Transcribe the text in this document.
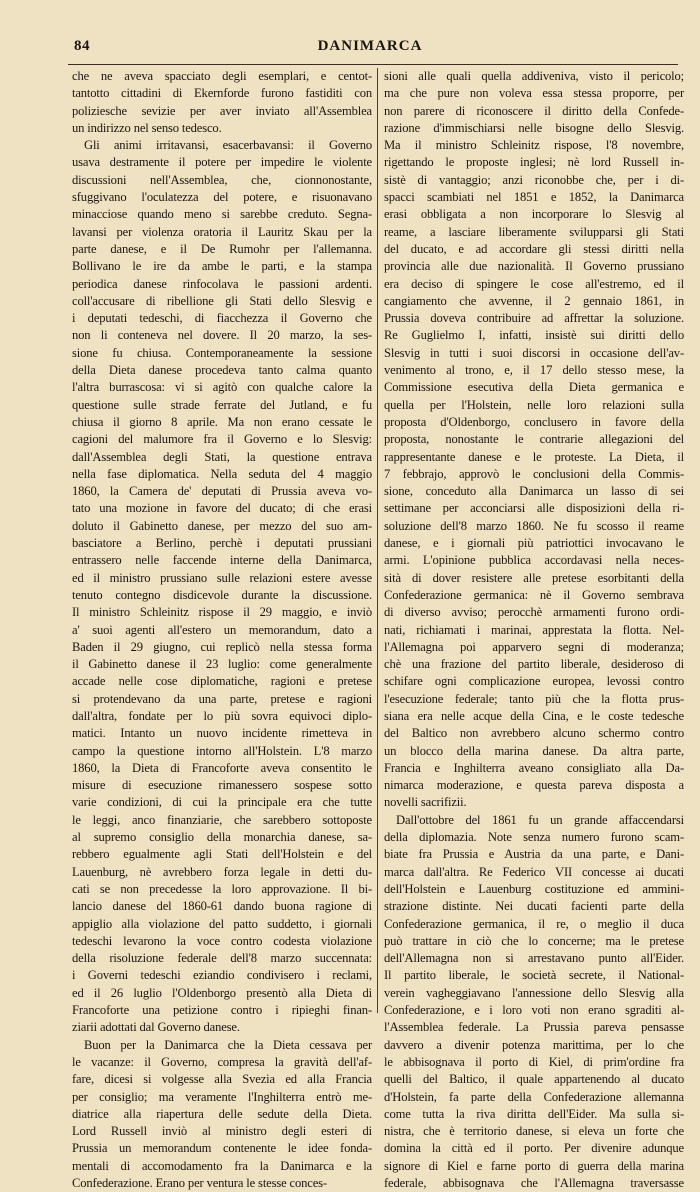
84	DANIMARCA
che ne aveva spacciato degli esemplari, e centot-
tantotto cittadini di Ekernforde furono fastiditi con
poliziesche sevizie per aver inviato all'Assemblea
un indirizzo nel senso tedesco.
Gli animi irritavansi, esacerbavansi: il Governo
usava destramente il potere per impedire le violente
discussioni nell'Assemblea, che, cionnonostante,
sfuggivano l'oculatezza del potere, e risuonavano
minacciose quando meno si sarebbe creduto. Segna-
lavansi per violenza oratoria il Lauritz Skau per la
parte danese, e il De Rumohr per l'allemanna.
Bollivano le ire da ambe le parti, e la stampa
periodica danese rinfocolava le passioni ardenti.
coll'accusare di ribellione gli Stati dello Slesvig e
i deputati tedeschi, di fiacchezza il Governo che
non li conteneva nel dovere. Il 20 marzo, la ses-
sione fu chiusa. Contemporaneamente la sessione
della Dieta danese procedeva tanto calma quanto
l'altra burrascosa: vi si agitò con qualche calore la
questione sulle strade ferrate del Jutland, e fu
chiusa il giorno 8 aprile. Ma non erano cessate le
cagioni del malumore fra il Governo e lo Slesvig:
dall'Assemblea degli Stati, la questione entrava
nella fase diplomatica. Nella seduta del 4 maggio
1860, la Camera de' deputati di Prussia aveva vo-
tato una mozione in favore del ducato; di che erasi
doluto il Gabinetto danese, per mezzo del suo am-
basciatore a Berlino, perchè i deputati prussiani
entrassero nelle faccende interne della Danimarca,
ed il ministro prussiano sulle relazioni estere avesse
tenuto contegno disdicevole durante la discussione.
Il ministro Schleinitz rispose il 29 maggio, e inviò
a' suoi agenti all'estero un memorandum, dato a
Baden il 29 giugno, cui replicò nella stessa forma
il Gabinetto danese il 23 luglio: come generalmente
accade nelle cose diplomatiche, ragioni e pretese
si protendevano da una parte, pretese e ragioni
dall'altra, fondate per lo più sovra equivoci diplo-
matici. Intanto un nuovo incidente rimetteva in
campo la questione intorno all'Holstein. L'8 marzo
1860, la Dieta di Francoforte aveva consentito le
misure di esecuzione rimanessero sospese sotto
varie condizioni, di cui la principale era che tutte
le leggi, anco finanziarie, che sarebbero sottoposte
al supremo consiglio della monarchia danese, sa-
rebbero egualmente agli Stati dell'Holstein e del
Lauenburg, nè avrebbero forza legale in detti du-
cati se non precedesse la loro approvazione. Il bi-
lancio danese del 1860-61 dando buona ragione di
appiglio alla violazione del patto suddetto, i giornali
tedeschi levarono la voce contro codesta violazione
della risoluzione federale dell'8 marzo succennata:
i Governi tedeschi eziandio condivisero i reclami,
ed il 26 luglio l'Oldenborgo presentò alla Dieta di
Francoforte una petizione contro i ripieghi finan-
ziarii adottati dal Governo danese.
Buon per la Danimarca che la Dieta cessava per
le vacanze: il Governo, compresa la gravità dell'af-
fare, dicesi si volgesse alla Svezia ed alla Francia
per consiglio; ma veramente l'Inghilterra entrò me-
diatrice alla riapertura delle sedute della Dieta.
Lord Russell inviò al ministro degli esteri di
Prussia un memorandum contenente le idee fonda-
mentali di accomodamento fra la Danimarca e la
Confederazione. Erano per ventura le stesse conces-
sioni alle quali quella addiveniva, visto il pericolo;
ma che pure non voleva essa stessa proporre, per
non parere di riconoscere il diritto della Confede-
razione d'immischiarsi nelle bisogne dello Slesvig.
Ma il ministro Schleinitz rispose, l'8 novembre,
rigettando le proposte inglesi; nè lord Russell in-
sistè di vantaggio; anzi riconobbe che, per i di-
spacci scambiati nel 1851 e 1852, la Danimarca
erasi obbligata a non incorporare lo Slesvig al
reame, a lasciare liberamente svilupparsi gli Stati
del ducato, e ad accordare gli stessi diritti nella
provincia alle due nazionalità. Il Governo prussiano
era deciso di spingere le cose all'estremo, ed il
cangiamento che avvenne, il 2 gennaio 1861, in
Prussia doveva contribuire ad affrettar la soluzione.
Re Guglielmo I, infatti, insistè sui diritti dello
Slesvig in tutti i suoi discorsi in occasione dell'av-
venimento al trono, e, il 17 dello stesso mese, la
Commissione esecutiva della Dieta germanica e
quella per l'Holstein, nelle loro relazioni sulla
proposta d'Oldenborgo, conclusero in favore della
proposta, nonostante le contrarie allegazioni del
rappresentante danese e le proteste. La Dieta, il
7 febbrajo, approvò le conclusioni della Commis-
sione, conceduto alla Danimarca un lasso di sei
settimane per acconciarsi alle disposizioni della ri-
soluzione dell'8 marzo 1860. Ne fu scosso il reame
danese, e i giornali più patriottici invocavano le
armi. L'opinione pubblica accordavasi nella neces-
sità di dover resistere alle pretese esorbitanti della
Confederazione germanica: nè il Governo sembrava
di diverso avviso; perocchè armamenti furono ordi-
nati, richiamati i marinai, apprestata la flotta. Nel-
l'Allemagna poi apparvero segni di moderanza;
chè una frazione del partito liberale, desideroso di
schifare ogni complicazione europea, levossi contro
l'esecuzione federale; tanto più che la flotta prus-
siana era nelle acque della Cina, e le coste tedesche
del Baltico non avrebbero alcuno schermo contro
un blocco della marina danese. Da altra parte,
Francia e Inghilterra aveano consigliato alla Da-
nimarca moderazione, e questa pareva disposta a
novelli sacrifizii.
Dall'ottobre del 1861 fu un grande affaccendarsi
della diplomazia. Note senza numero furono scam-
biate fra Prussia e Austria da una parte, e Dani-
marca dall'altra. Re Federico VII concesse ai ducati
dell'Holstein e Lauenburg costituzione ed ammini-
strazione distinte. Nei ducati facienti parte della
Confederazione germanica, il re, o meglio il duca
può trattare in ciò che lo concerne; ma le pretese
dell'Allemagna non si arrestavano punto all'Eider.
Il partito liberale, le società secrete, il National-
verein vagheggiavano l'annessione dello Slesvig alla
Confederazione, e i loro voti non erano sgraditi al-
l'Assemblea federale. La Prussia pareva pensasse
davvero a divenir potenza marittima, per lo che
le abbisognava il porto di Kiel, di prim'ordine fra
quelli del Baltico, il quale appartenendo al ducato
d'Holstein, fa parte della Confederazione allemanna
come tutta la riva diritta dell'Eider. Ma sulla si-
nistra, che è territorio danese, si eleva un forte che
domina la città ed il porto. Per divenire adunque
signore di Kiel e farne porto di guerra della marina
federale, abbisognava che l'Allemagna traversasse
